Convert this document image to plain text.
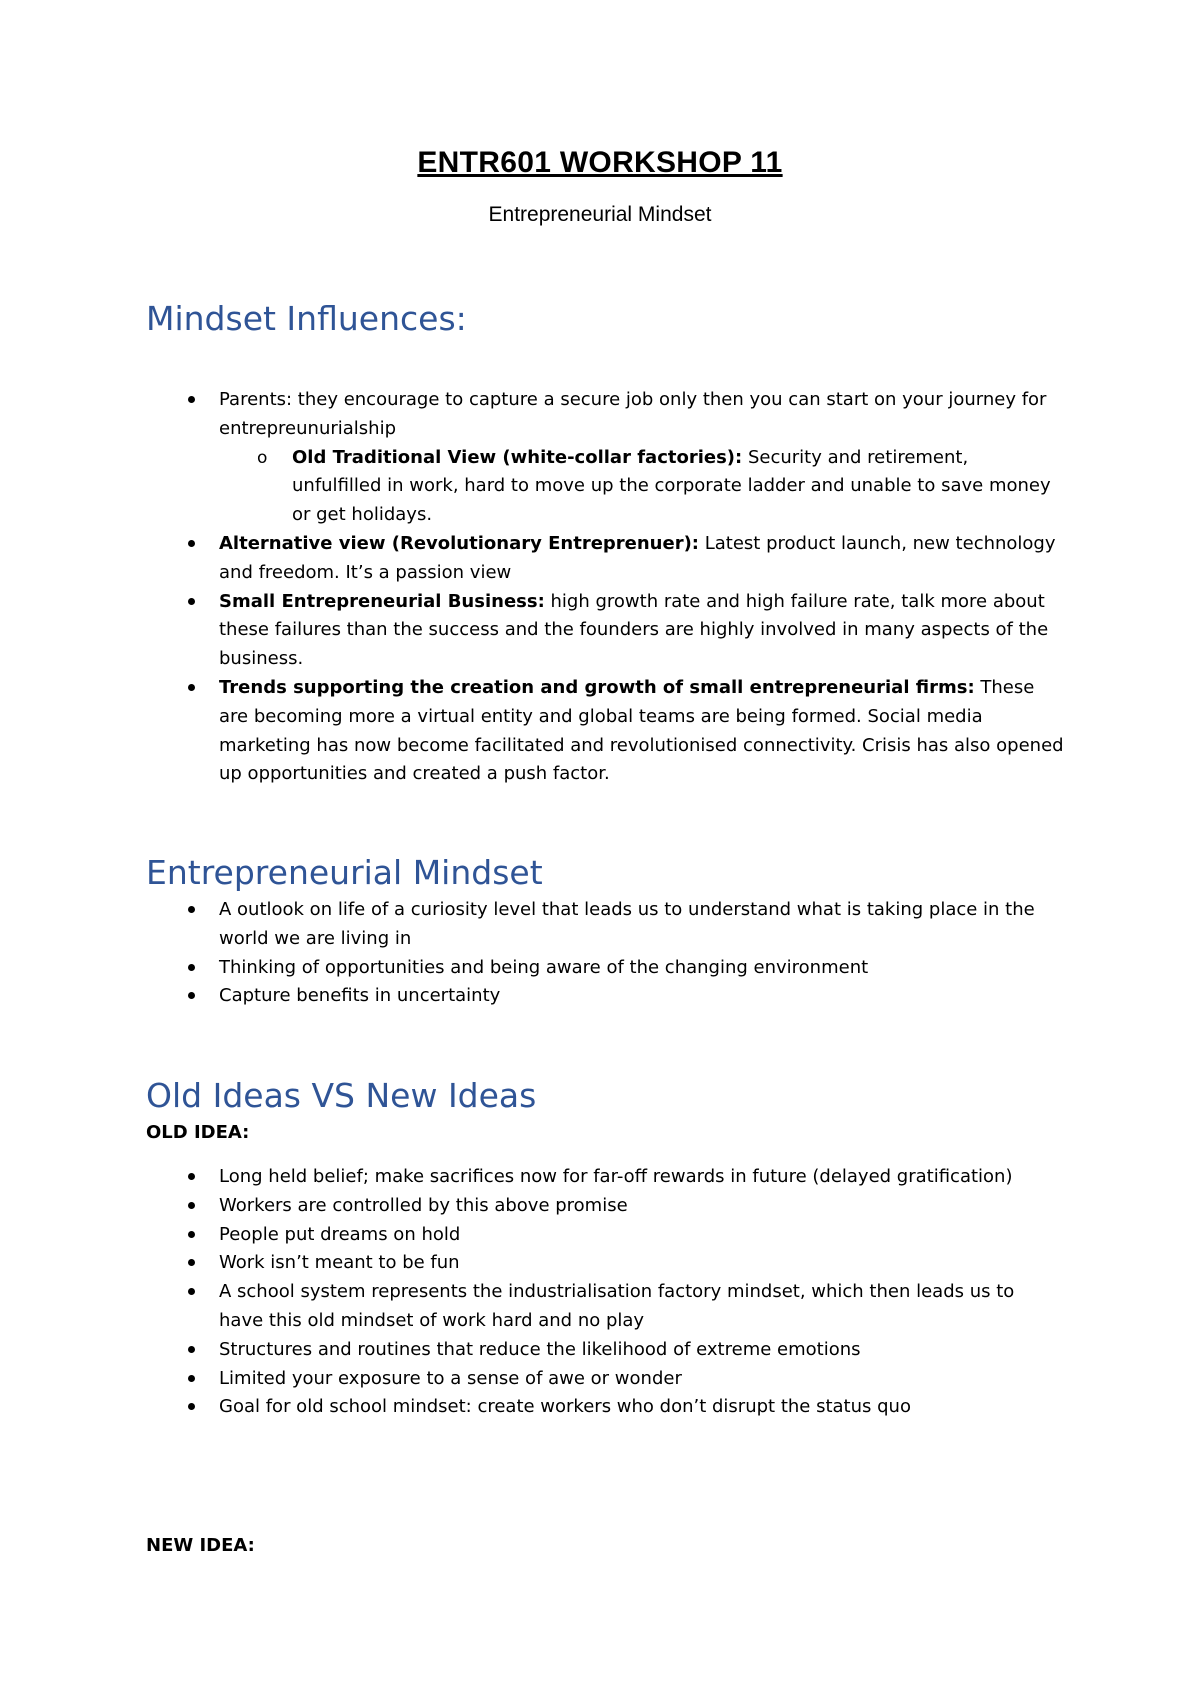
ENTR601 WORKSHOP 11

Entrepreneurial Mindset

Mindset Influences:
Parents: they encourage to capture a secure job only then you can start on your journey for entrepreunurialship
o Old Traditional View (white-collar factories): Security and retirement, unfulfilled in work, hard to move up the corporate ladder and unable to save money or get holidays.
Alternative view (Revolutionary Entreprenuer): Latest product launch, new technology and freedom. It’s a passion view
Small Entrepreneurial Business: high growth rate and high failure rate, talk more about these failures than the success and the founders are highly involved in many aspects of the business.
Trends supporting the creation and growth of small entrepreneurial firms: These are becoming more a virtual entity and global teams are being formed. Social media marketing has now become facilitated and revolutionised connectivity. Crisis has also opened up opportunities and created a push factor.
Entrepreneurial Mindset
A outlook on life of a curiosity level that leads us to understand what is taking place in the world we are living in
Thinking of opportunities and being aware of the changing environment
Capture benefits in uncertainty
Old Ideas VS New Ideas

OLD IDEA:

Long held belief; make sacrifices now for far-off rewards in future (delayed gratification)
Workers are controlled by this above promise
People put dreams on hold
Work isn’t meant to be fun
A school system represents the industrialisation factory mindset, which then leads us to have this old mindset of work hard and no play
Structures and routines that reduce the likelihood of extreme emotions
Limited your exposure to a sense of awe or wonder
Goal for old school mindset: create workers who don’t disrupt the status quo

NEW IDEA:
